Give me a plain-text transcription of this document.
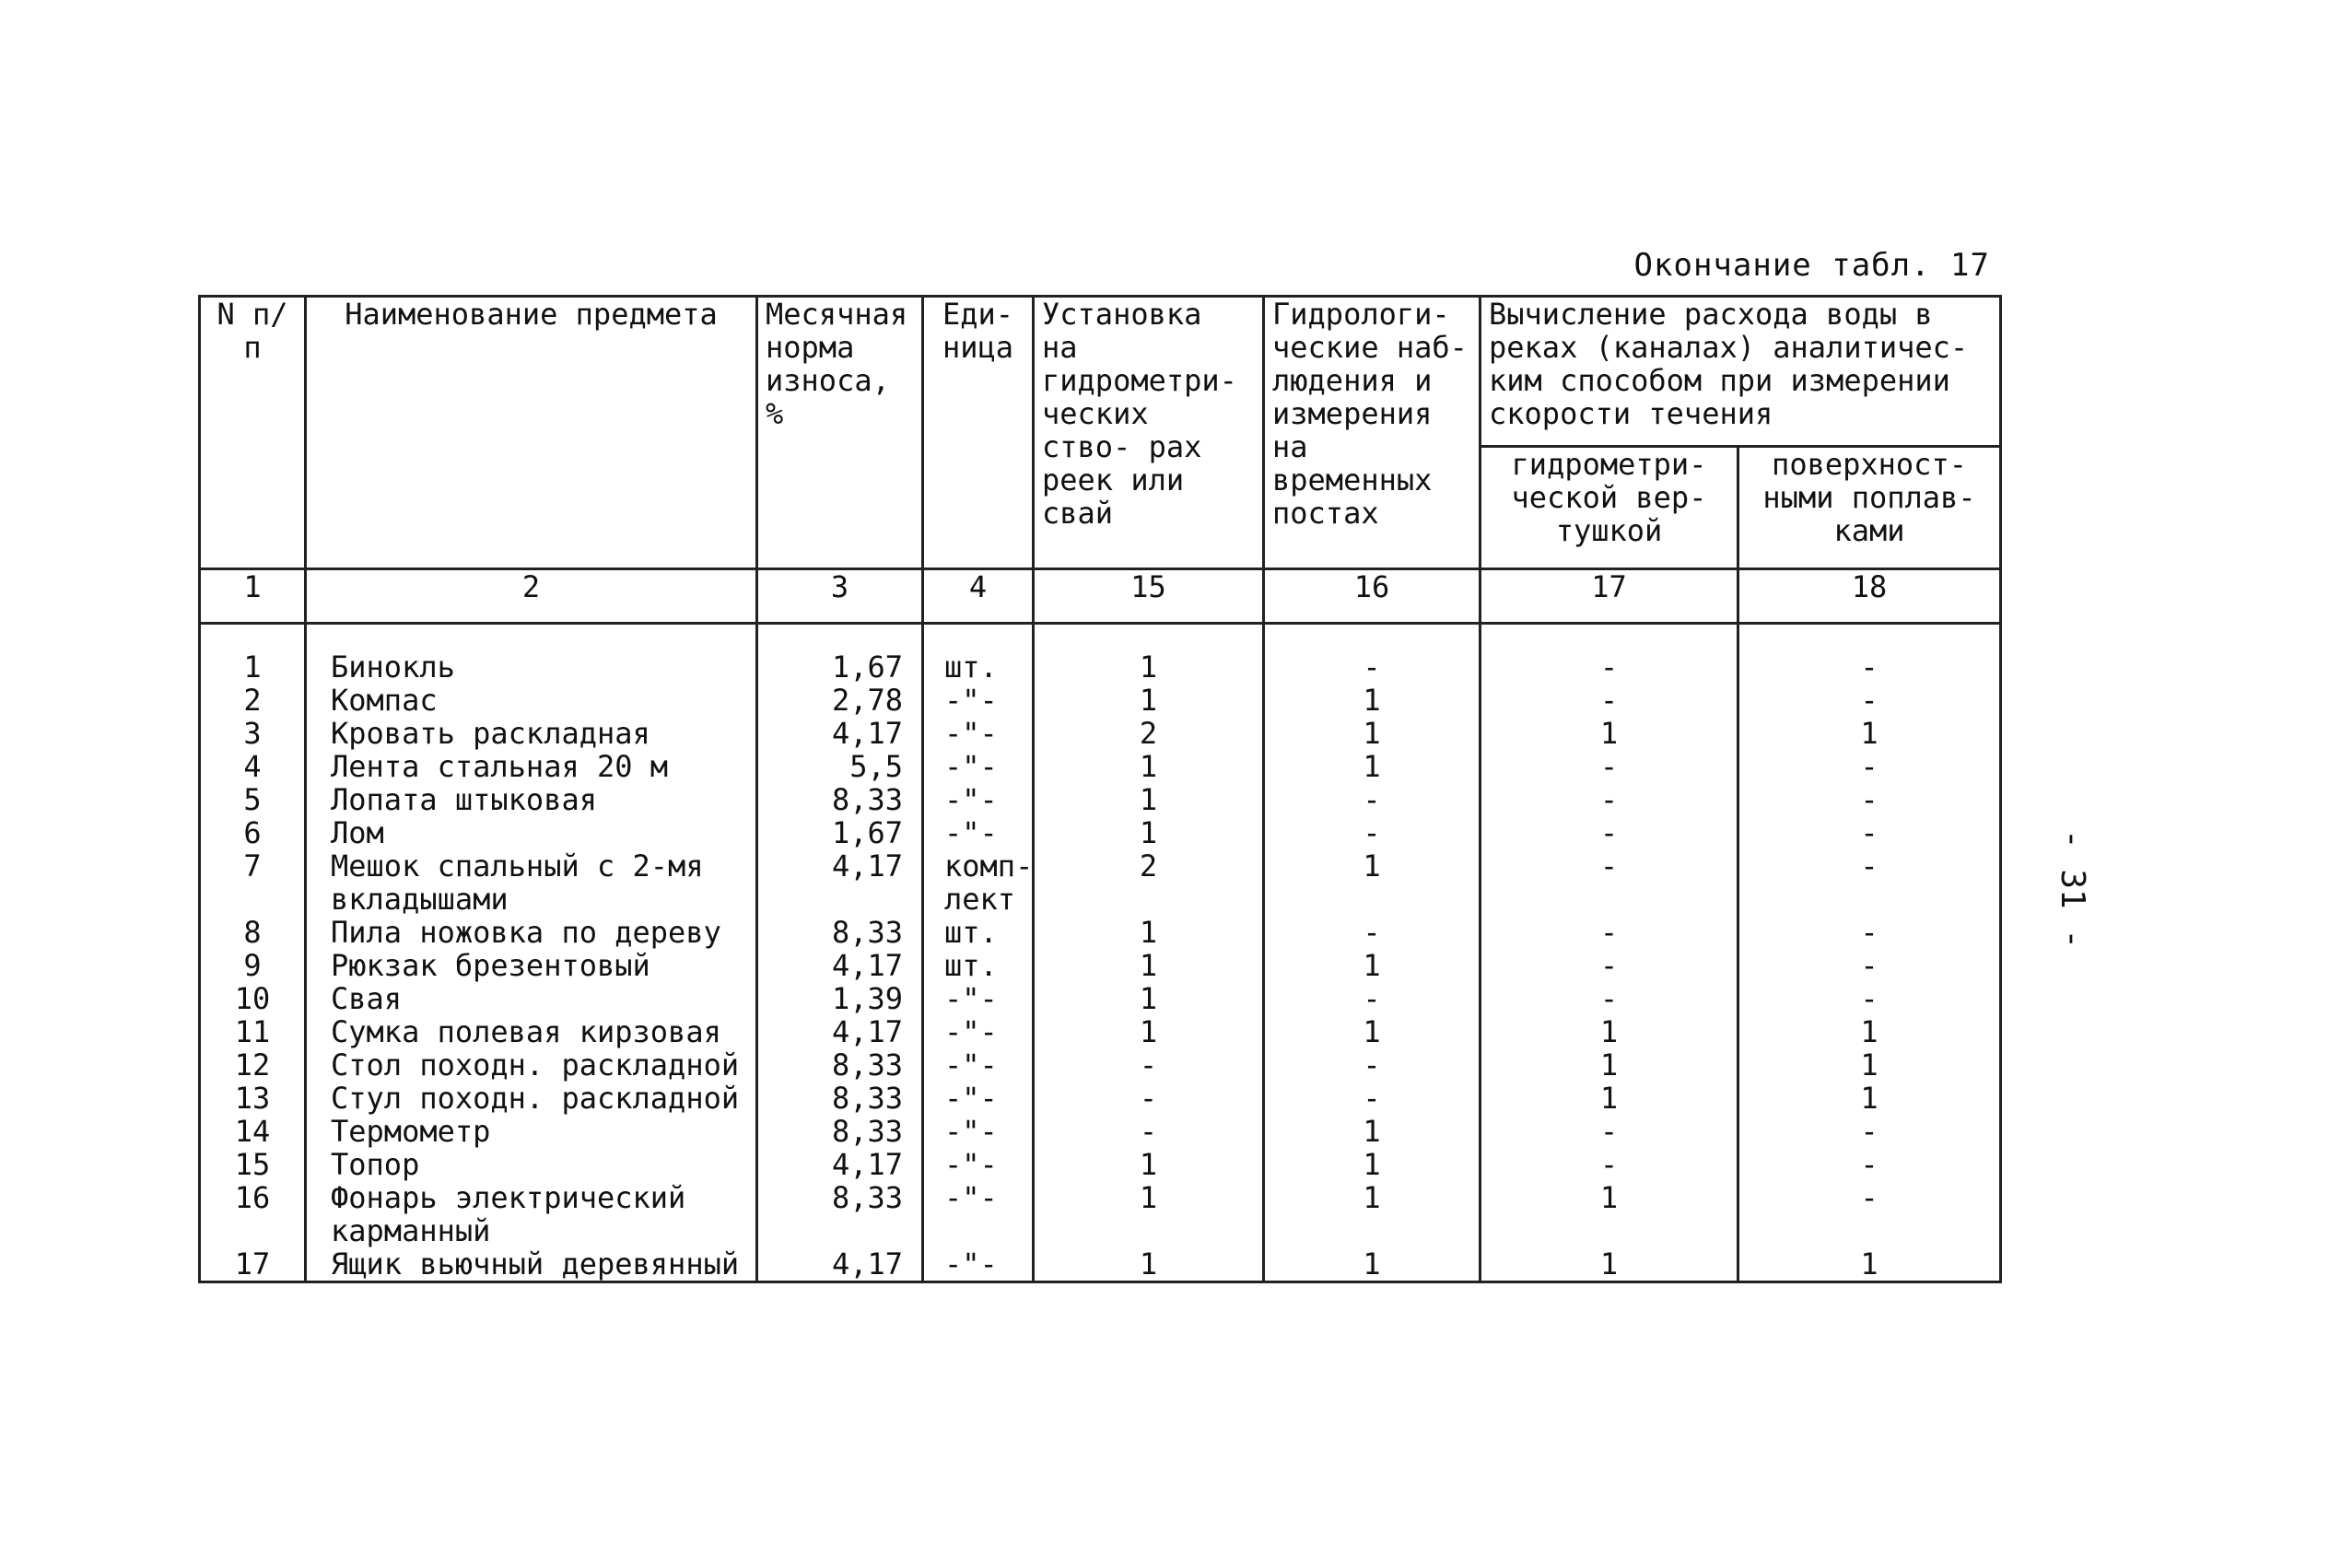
Окончание табл. 17
- 31 -
N п/п	Наименование предмета	Месячная норма износа, %	Еди- ница	Установка на гидрометри- ческих ство- рах реек или свай	Гидрологи- ческие наб- людения и измерения на временных постах	Вычисление расхода воды в реках (каналах) аналитичес- ким способом при измерении скорости течения	
						гидрометри- ческой вер- тушкой	поверхност- ными поплав- ками
1	2	3	4	15	16	17	18

1	Бинокль	1,67	шт.	1	-	-	-
2	Компас	2,78	-"-	1	1	-	-
3	Кровать раскладная	4,17	-"-	2	1	1	1
4	Лента стальная 20 м	5,5	-"-	1	1	-	-
5	Лопата штыковая	8,33	-"-	1	-	-	-
6	Лом	1,67	-"-	1	-	-	-
7	Мешок спальный с 2-мя вкладышами	4,17	комп- лект	2	1	-	-
8	Пила ножовка по дереву	8,33	шт.	1	-	-	-
9	Рюкзак брезентовый	4,17	шт.	1	1	-	-
10	Свая	1,39	-"-	1	-	-	-
11	Сумка полевая кирзовая	4,17	-"-	1	1	1	1
12	Стол походн. раскладной	8,33	-"-	-	-	1	1
13	Стул походн. раскладной	8,33	-"-	-	-	1	1
14	Термометр	8,33	-"-	-	1	-	-
15	Топор	4,17	-"-	1	1	-	-
16	Фонарь электрический карманный	8,33	-"-	1	1	1	-
17	Ящик вьючный деревянный	4,17	-"-	1	1	1	1
